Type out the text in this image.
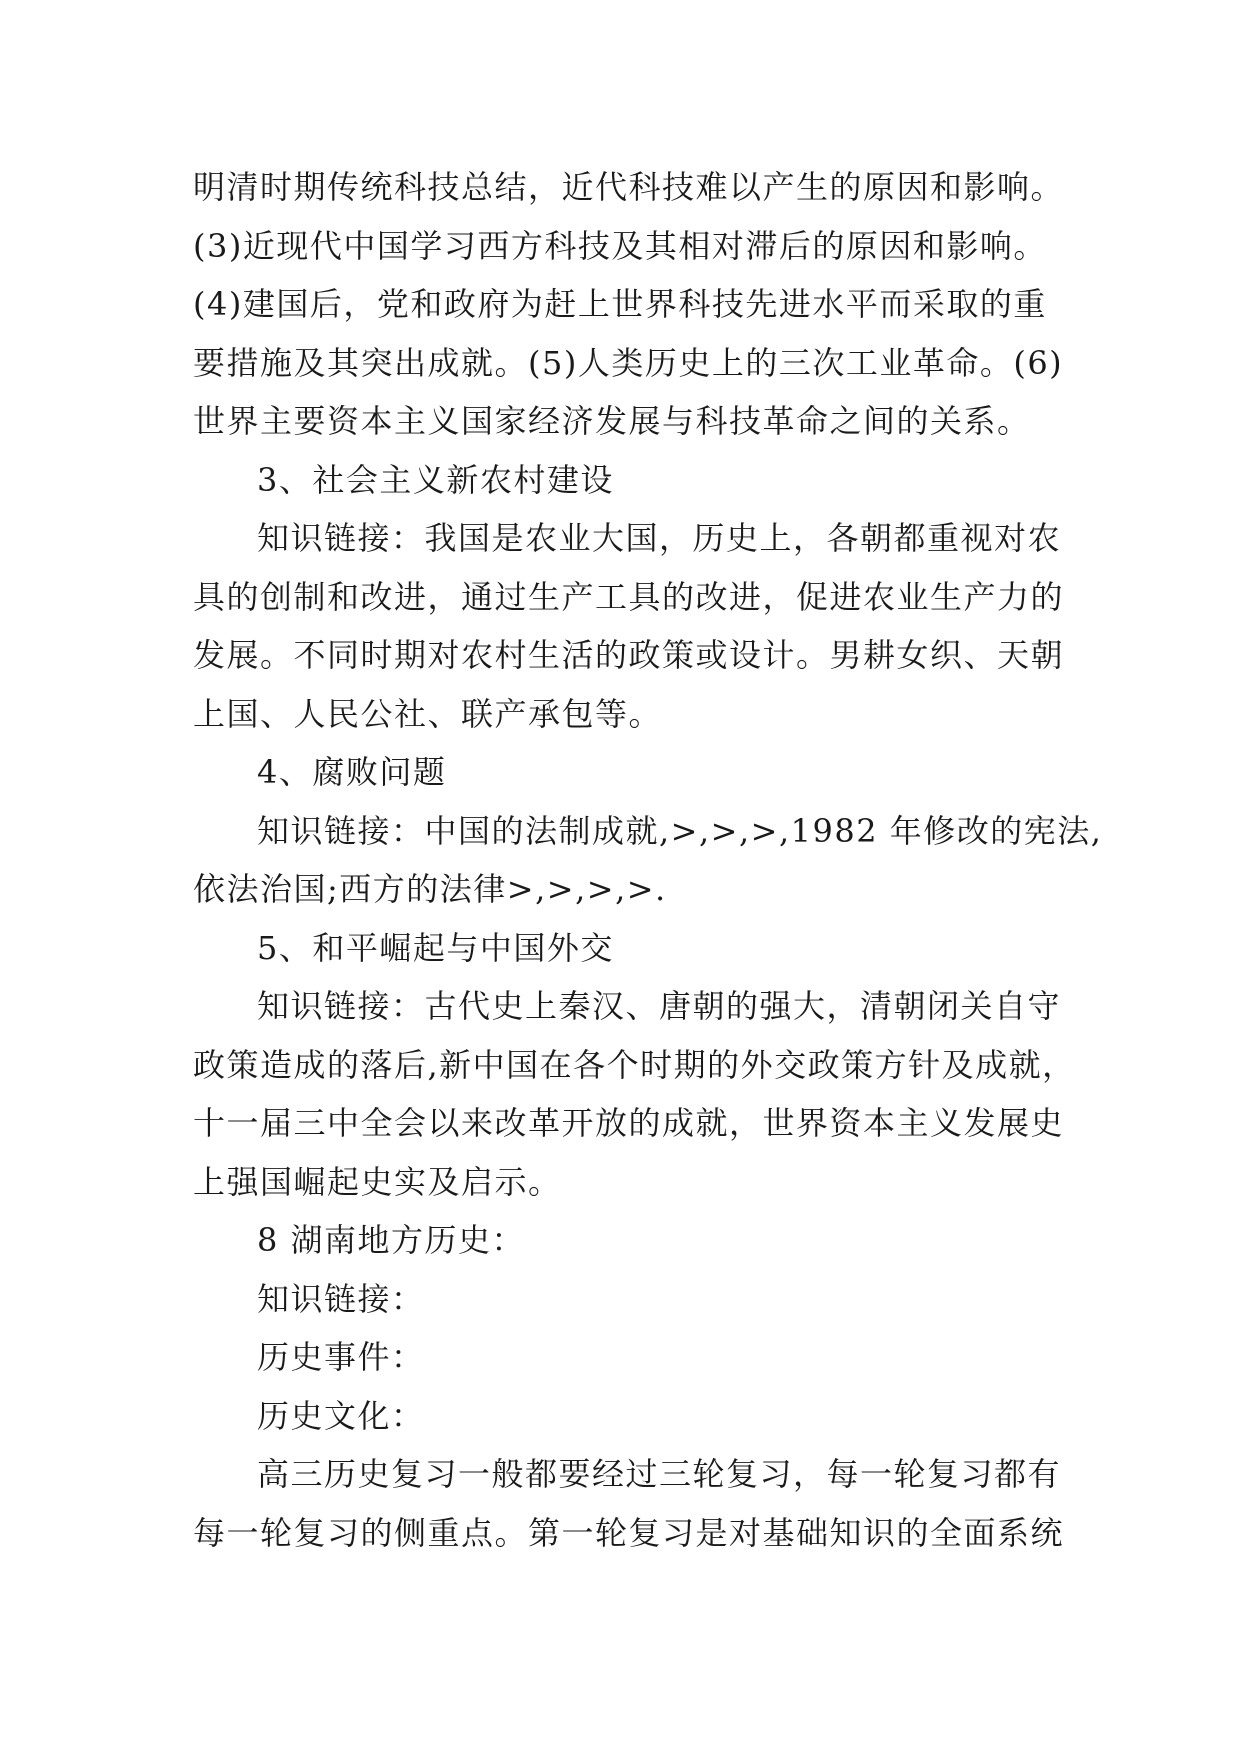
明清时期传统科技总结，近代科技难以产生的原因和影响。
(3)近现代中国学习西方科技及其相对滞后的原因和影响。
(4)建国后，党和政府为赶上世界科技先进水平而采取的重
要措施及其突出成就。(5)人类历史上的三次工业革命。(6)
世界主要资本主义国家经济发展与科技革命之间的关系。
3、社会主义新农村建设
知识链接：我国是农业大国，历史上，各朝都重视对农
具的创制和改进，通过生产工具的改进，促进农业生产力的
发展。不同时期对农村生活的政策或设计。男耕女织、天朝
上国、人民公社、联产承包等。
4、腐败问题
知识链接：中国的法制成就,>,>,>,1982 年修改的宪法,
依法治国;西方的法律>,>,>,>.
5、和平崛起与中国外交
知识链接：古代史上秦汉、唐朝的强大，清朝闭关自守
政策造成的落后,新中国在各个时期的外交政策方针及成就，
十一届三中全会以来改革开放的成就，世界资本主义发展史
上强国崛起史实及启示。
8 湖南地方历史：
知识链接：
历史事件：
历史文化：
高三历史复习一般都要经过三轮复习，每一轮复习都有
每一轮复习的侧重点。第一轮复习是对基础知识的全面系统
